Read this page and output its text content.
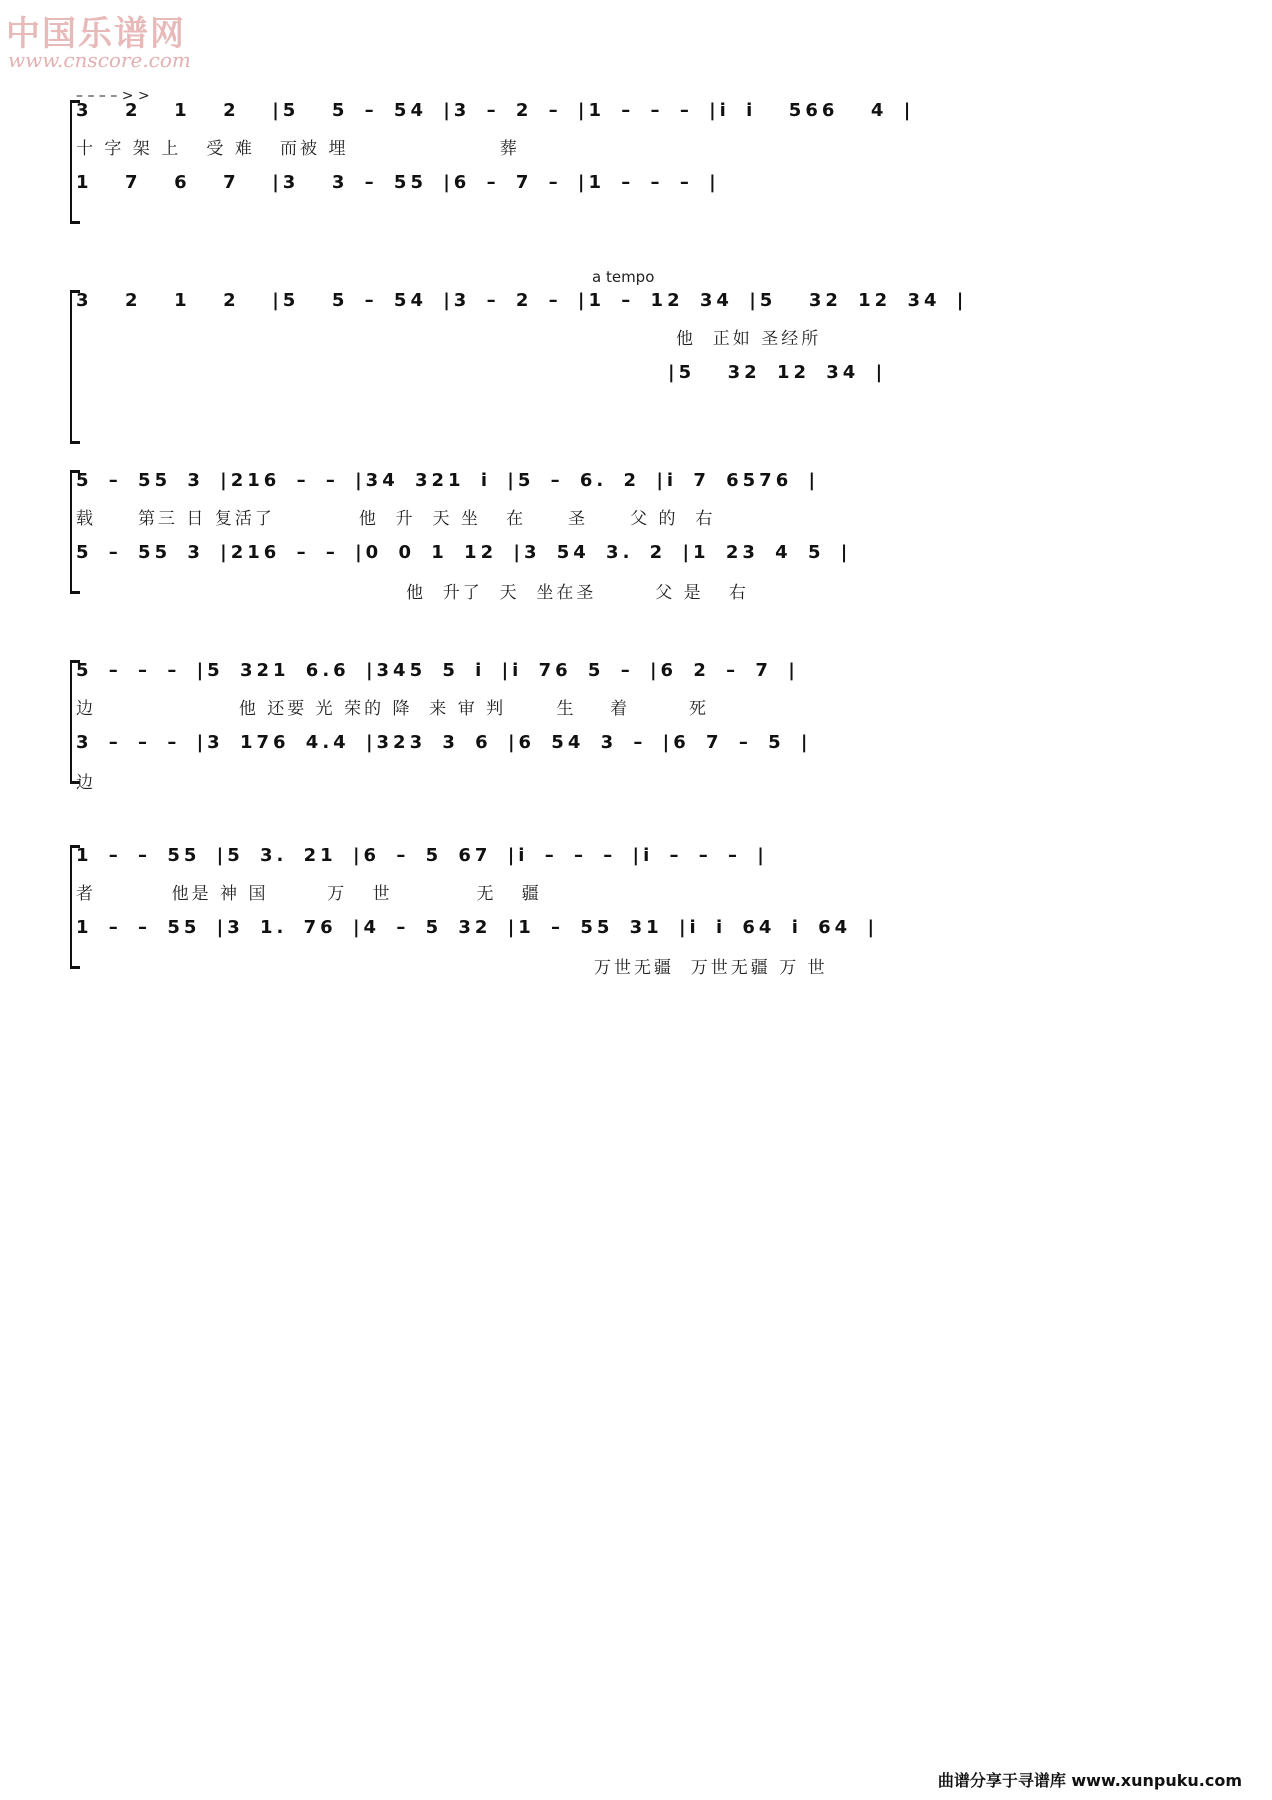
中国乐谱网
www.cnscore.com
– – – – > >
3  2  1  2  |5  5 – 54 |3 – 2 – |1 – – – |i i  566  4 |
十 字 架 上   受 难   而被 埋                  葬
1  7  6  7  |3  3 – 55 |6 – 7 – |1 – – – |
a tempo
3  2  1  2  |5  5 – 54 |3 – 2 – |1 – 12 34 |5  32 12 34 |
他  正如 圣经所
|5  32 12 34 |
5 – 55 3 |216 – – |34 321 i |5 – 6. 2 |i 7 6576 |
载     第三 日 复活了          他  升  天 坐   在     圣     父 的  右
5 – 55 3 |216 – – |0 0 1 12 |3 54 3. 2 |1 23 4 5 |
他  升了  天  坐在圣       父 是   右
5 – – – |5 321 6.6 |345 5 i |i 76 5 – |6 2 – 7 |
边                 他 还要 光 荣的 降  来 审 判      生    着       死
3 – – – |3 176 4.4 |323 3 6 |6 54 3 – |6 7 – 5 |
边
1 – – 55 |5 3. 21 |6 – 5 67 |i – – – |i – – – |
者         他是 神 国       万   世          无   疆
1 – – 55 |3 1. 76 |4 – 5 32 |1 – 55 31 |i i 64 i 64 |
万世无疆  万世无疆 万 世
曲谱分享于寻谱库 www.xunpuku.com
